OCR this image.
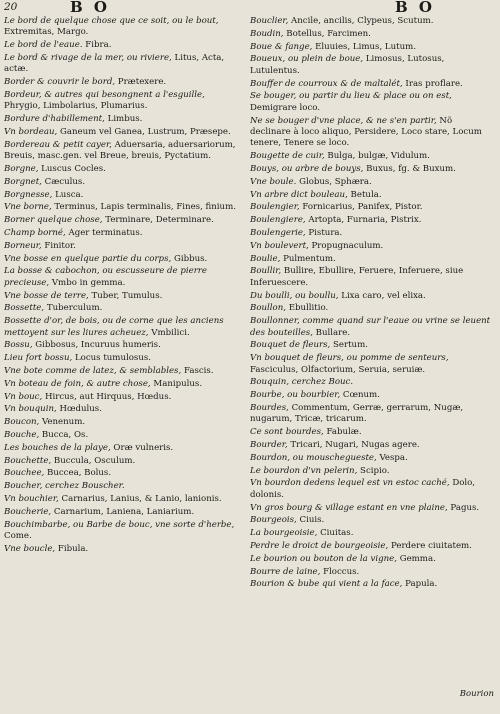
20	B O	B O
Le bord de quelque chose que ce soit, ou le bout, Extremitas, Margo.
Le bord de l'eaue. Fibra.
Le bord & rivage de la mer, ou riviere, Litus, Acta, actæ.
Border & couvrir le bord, Prætexere.
Bordeur, & autres qui besongnent a l'esguille, Phrygio, Limbolarius, Plumarius.
Bordure d'habillement, Limbus.
Vn bordeau, Ganeum vel Ganea, Lustrum, Præsepe.
Bordereau & petit cayer, Aduersaria, aduersariorum, Breuis, masc.gen. vel Breue, breuis, Pyctatium.
Borgne, Luscus Cocles.
Borgnet, Cæculus.
Borgnesse, Lusca.
Vne borne, Terminus, Lapis terminalis, Fines, finium.
Borner quelque chose, Terminare, Determinare.
Champ borné, Ager terminatus.
Borneur, Finitor.
Vne bosse en quelque partie du corps, Gibbus.
La bosse & cabochon, ou escusseure de pierre precieuse, Vmbo in gemma.
Vne bosse de terre, Tuber, Tumulus.
Bossette, Tuberculum.
Bossette d'or, de bois, ou de corne que les anciens mettoyent sur les liures acheuez, Vmbilici.
Bossu, Gibbosus, Incuruus humeris.
Lieu fort bossu, Locus tumulosus.
Vne bote comme de latez, & semblables, Fascis.
Vn boteau de foin, & autre chose, Manipulus.
Vn bouc, Hircus, aut Hirquus, Hœdus.
Vn bouquin, Hœdulus.
Boucon, Venenum.
Bouche, Bucca, Os.
Les bouches de la playe, Oræ vulneris.
Bouchette, Buccula, Osculum.
Bouchee, Buccea, Bolus.
Boucher, cerchez Bouscher.
Vn bouchier, Carnarius, Lanius, & Lanio, lanionis.
Boucherie, Carnarium, Laniena, Laniarium.
Bouchimbarbe, ou Barbe de bouc, vne sorte d'herbe, Come.
Vne boucle, Fibula.
Bouclier, Ancile, ancilis, Clypeus, Scutum.
Boudin, Botellus, Farcimen.
Boue & fange, Eluuies, Limus, Lutum.
Boueux, ou plein de boue, Limosus, Lutosus, Lutulentus.
Bouffer de courroux & de maltalét, Iras proflare.
Se bouger, ou partir du lieu & place ou on est, Demigrare loco.
Ne se bouger d'vne place, & ne s'en partir, Nõ declinare à loco aliquo, Persidere, Loco stare, Locum tenere, Tenere se loco.
Bougette de cuir, Bulga, bulgæ, Vidulum.
Bouys, ou arbre de bouys, Buxus, fg. & Buxum.
Vne boule. Globus, Sphæra.
Vn arbre dict bouleau, Betula.
Boulengier, Fornicarius, Panifex, Pistor.
Boulengiere, Artopta, Furnaria, Pistrix.
Boulengerie, Pistura.
Vn boulevert, Propugnaculum.
Boulie, Pulmentum.
Boullir, Bullire, Ebullire, Feruere, Inferuere, siue Inferuescere.
Du boulli, ou boullu, Lixa caro, vel elixa.
Boullon, Ebullitio.
Boullonner, comme quand sur l'eaue ou vrine se leuent des bouteilles, Bullare.
Bouquet de fleurs, Sertum.
Vn bouquet de fleurs, ou pomme de senteurs, Fasciculus, Olfactorium, Seruia, seruiæ.
Bouquin, cerchez Bouc.
Bourbe, ou bourbier, Cœnum.
Bourdes, Commentum, Gerræ, gerrarum, Nugæ, nugarum, Tricæ, tricarum.
Ce sont bourdes, Fabulæ.
Bourder, Tricari, Nugari, Nugas agere.
Bourdon, ou mouschegueste, Vespa.
Le bourdon d'vn pelerin, Scipio.
Vn bourdon dedens lequel est vn estoc caché, Dolo, dolonis.
Vn gros bourg & village estant en vne plaine, Pagus.
Bourgeois, Ciuis.
La bourgeoisie, Ciuitas.
Perdre le droict de bourgeoisie, Perdere ciuitatem.
Le bourion ou bouton de la vigne, Gemma.
Bourre de laine, Floccus.
Bourion & bube qui vient a la face, Papula.
Bourion
